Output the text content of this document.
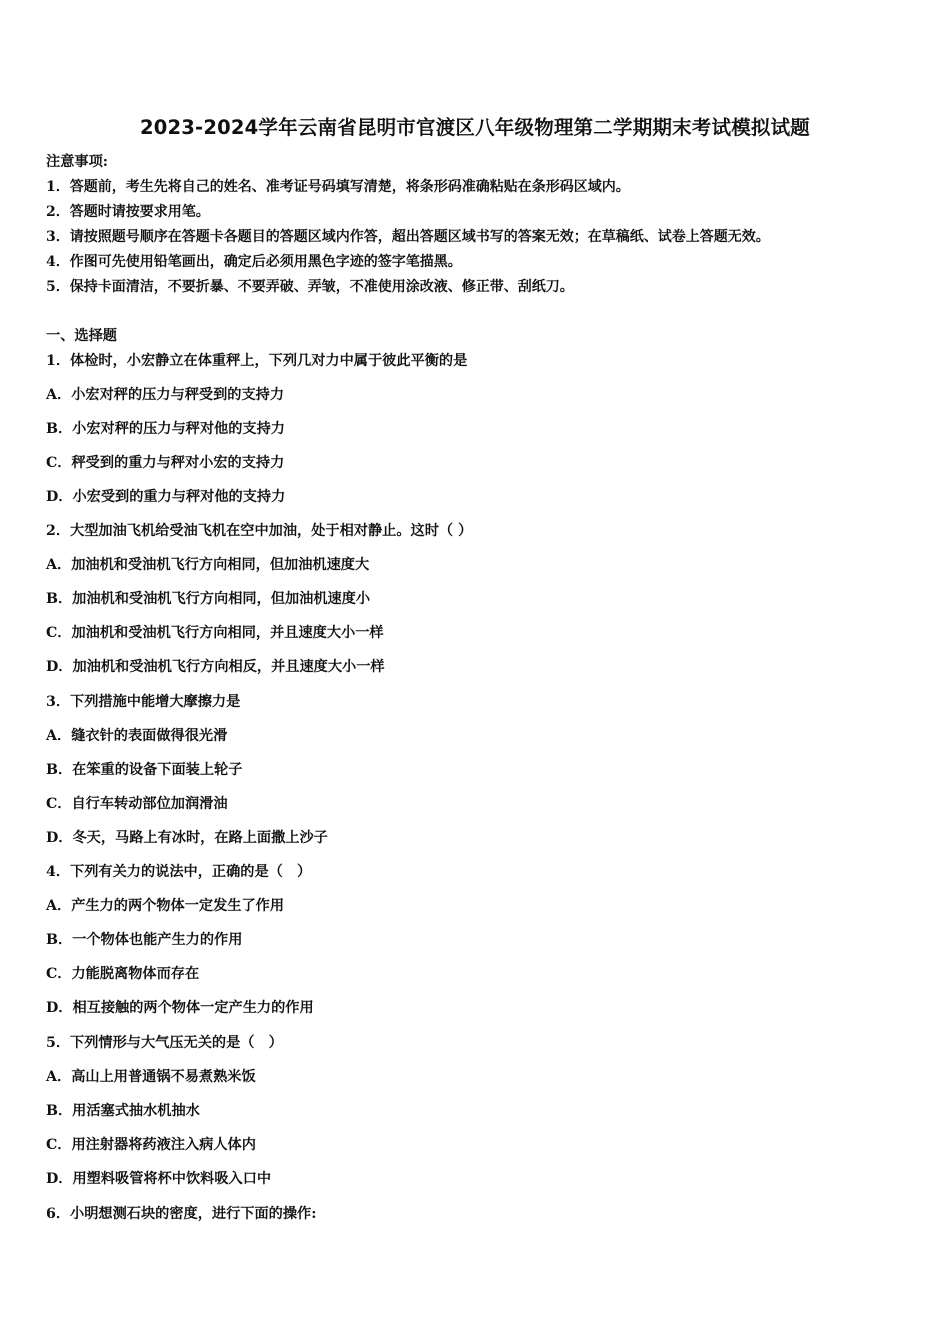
2023-2024学年云南省昆明市官渡区八年级物理第二学期期末考试模拟试题
注意事项:
1．答题前，考生先将自己的姓名、准考证号码填写清楚，将条形码准确粘贴在条形码区域内。
2．答题时请按要求用笔。
3．请按照题号顺序在答题卡各题目的答题区域内作答，超出答题区域书写的答案无效；在草稿纸、试卷上答题无效。
4．作图可先使用铅笔画出，确定后必须用黑色字迹的签字笔描黑。
5．保持卡面清洁，不要折暴、不要弄破、弄皱，不准使用涂改液、修正带、刮纸刀。
一、选择题
1．体检时，小宏静立在体重秤上，下列几对力中属于彼此平衡的是
A．小宏对秤的压力与秤受到的支持力
B．小宏对秤的压力与秤对他的支持力
C．秤受到的重力与秤对小宏的支持力
D．小宏受到的重力与秤对他的支持力
2．大型加油飞机给受油飞机在空中加油，处于相对静止。这时（ ）
A．加油机和受油机飞行方向相同，但加油机速度大
B．加油机和受油机飞行方向相同，但加油机速度小
C．加油机和受油机飞行方向相同，并且速度大小一样
D．加油机和受油机飞行方向相反，并且速度大小一样
3．下列措施中能增大摩擦力是
A．缝衣针的表面做得很光滑
B．在笨重的设备下面装上轮子
C．自行车转动部位加润滑油
D．冬天，马路上有冰时，在路上面撒上沙子
4．下列有关力的说法中，正确的是（　）
A．产生力的两个物体一定发生了作用
B．一个物体也能产生力的作用
C．力能脱离物体而存在
D．相互接触的两个物体一定产生力的作用
5．下列情形与大气压无关的是（　）
A．高山上用普通锅不易煮熟米饭
B．用活塞式抽水机抽水
C．用注射器将药液注入病人体内
D．用塑料吸管将杯中饮料吸入口中
6．小明想测石块的密度，进行下面的操作:
